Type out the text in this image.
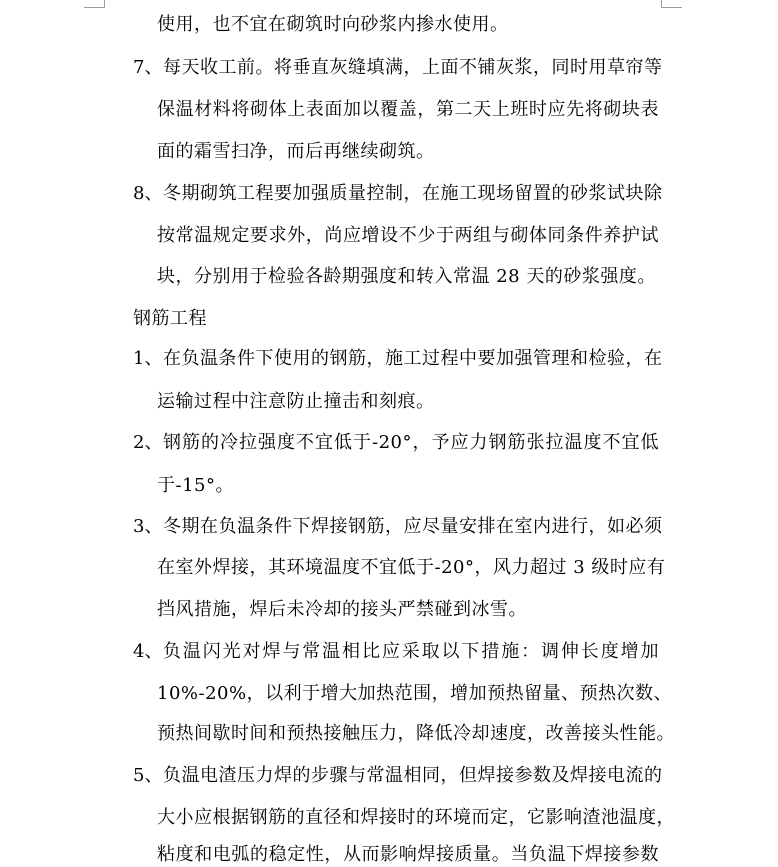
使用，也不宜在砌筑时向砂浆内掺水使用。
7、 每天收工前。将垂直灰缝填满，上面不铺灰浆，同时用草帘等
保温材料将砌体上表面加以覆盖，第二天上班时应先将砌块表
面的霜雪扫净，而后再继续砌筑。
8、 冬期砌筑工程要加强质量控制，在施工现场留置的砂浆试块除
按常温规定要求外，尚应增设不少于两组与砌体同条件养护试
块，分别用于检验各龄期强度和转入常温 28 天的砂浆强度。
钢筋工程
1、 在负温条件下使用的钢筋，施工过程中要加强管理和检验，在
运输过程中注意防止撞击和刻痕。
2、 钢筋的冷拉强度不宜低于-20°，予应力钢筋张拉温度不宜低
于-15°。
3、 冬期在负温条件下焊接钢筋，应尽量安排在室内进行，如必须
在室外焊接，其环境温度不宜低于-20°，风力超过 3 级时应有
挡风措施，焊后未冷却的接头严禁碰到冰雪。
4、 负温闪光对焊与常温相比应采取以下措施：调伸长度增加
10%-20%，以利于增大加热范围，增加预热留量、预热次数、
预热间歇时间和预热接触压力，降低冷却速度，改善接头性能。
5、 负温电渣压力焊的步骤与常温相同，但焊接参数及焊接电流的
大小应根据钢筋的直径和焊接时的环境而定，它影响渣池温度，
粘度和电弧的稳定性，从而影响焊接质量。当负温下焊接参数
